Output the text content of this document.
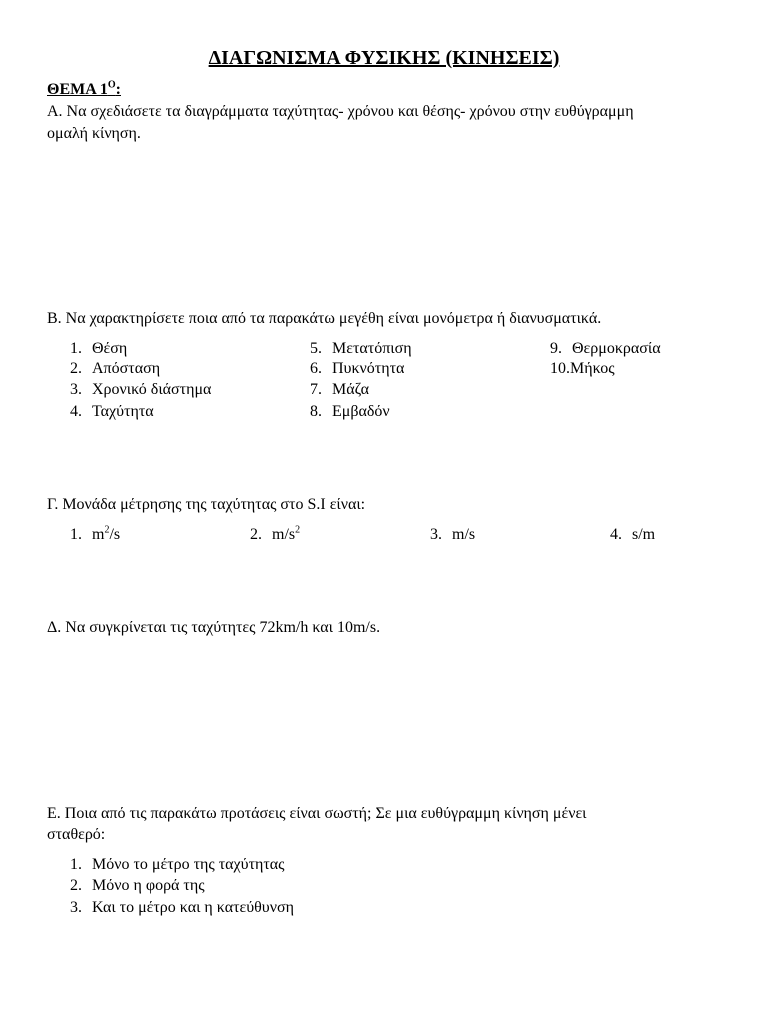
ΔΙΑΓΩΝΙΣΜΑ ΦΥΣΙΚΗΣ (ΚΙΝΗΣΕΙΣ)
ΘΕΜΑ $1^O$:
Α. Να σχεδιάσετε τα διαγράμματα ταχύτητας- χρόνου και θέσης- χρόνου στην ευθύγραμμη
ομαλή κίνηση.
Β. Να χαρακτηρίσετε ποια από τα παρακάτω μεγέθη είναι μονόμετρα ή διανυσματικά.
1. Θέση
2. Απόσταση
3. Χρονικό διάστημα
4. Ταχύτητα
5. Μετατόπιση
6. Πυκνότητα
7. Μάζα
8. Εμβαδόν
9. Θερμοκρασία
10.Μήκος
Γ. Μονάδα μέτρησης της ταχύτητας στο S.I είναι:
1. $m^2/s$	2. $m/s^2$	3. m/s	4. s/m
Δ. Να συγκρίνεται τις ταχύτητες 72km/h και 10m/s.
Ε. Ποια από τις παρακάτω προτάσεις είναι σωστή; Σε μια ευθύγραμμη κίνηση μένει
σταθερό:
1. Μόνο το μέτρο της ταχύτητας
2. Μόνο η φορά της
3. Και το μέτρο και η κατεύθυνση
